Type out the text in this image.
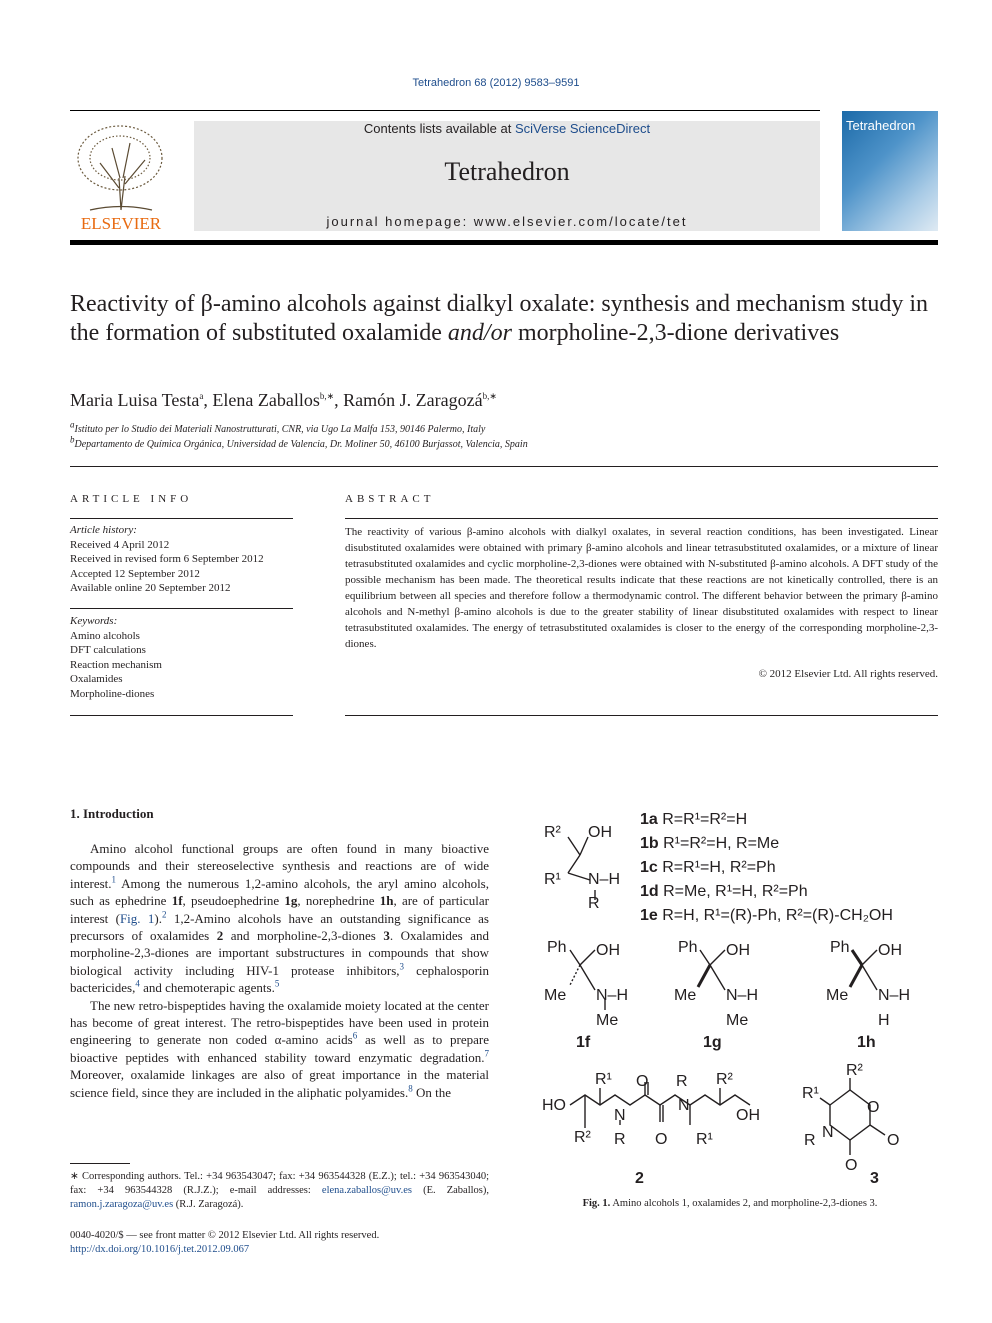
Tetrahedron 68 (2012) 9583–9591
ELSEVIER
Contents lists available at SciVerse ScienceDirect
Tetrahedron
journal homepage: www.elsevier.com/locate/tet
Tetrahedron
Reactivity of β-amino alcohols against dialkyl oxalate: synthesis and mechanism study in the formation of substituted oxalamide and/or morpholine-2,3-dione derivatives
Maria Luisa Testa$^a$, Elena Zaballos$^{b,∗}$, Ramón J. Zaragozá$^{b,∗}$
$^a$Istituto per lo Studio dei Materiali Nanostrutturati, CNR, via Ugo La Malfa 153, 90146 Palermo, Italy
$^b$Departamento de Química Orgánica, Universidad de Valencia, Dr. Moliner 50, 46100 Burjassot, Valencia, Spain
ARTICLE INFO
Article history:
Received 4 April 2012
Received in revised form 6 September 2012
Accepted 12 September 2012
Available online 20 September 2012
Keywords:
Amino alcohols
DFT calculations
Reaction mechanism
Oxalamides
Morpholine-diones
ABSTRACT
The reactivity of various β-amino alcohols with dialkyl oxalates, in several reaction conditions, has been investigated. Linear disubstituted oxalamides were obtained with primary β-amino alcohols and linear tetrasubstituted oxalamides, or a mixture of linear tetrasubstituted oxalamides and cyclic morpholine-2,3-diones were obtained with N-substituted β-amino alcohols. A DFT study of the possible mechanism has been made. The theoretical results indicate that these reactions are not kinetically controlled, there is an equilibrium between all species and therefore follow a thermodynamic control. The different behavior between the primary β-amino alcohols and N-methyl β-amino alcohols is due to the greater stability of linear disubstituted oxalamides with respect to linear tetrasubstituted oxalamides. The energy of tetrasubstituted oxalamides is closer to the energy of the corresponding morpholine-2,3-diones.
© 2012 Elsevier Ltd. All rights reserved.
1. Introduction

Amino alcohol functional groups are often found in many bioactive compounds and their stereoselective synthesis and reactions are of wide interest.$^1$ Among the numerous 1,2-amino alcohols, the aryl amino alcohols, such as ephedrine 1f, pseudoephedrine 1g, norephedrine 1h, are of particular interest (Fig. 1).$^2$ 1,2-Amino alcohols have an outstanding significance as precursors of oxalamides 2 and morpholine-2,3-diones 3. Oxalamides and morpholine-2,3-diones are important substructures in compounds that show biological activity including HIV-1 protease inhibitors,$^3$ cephalosporin bactericides,$^4$ and chemoterapic agents.$^5$

The new retro-bispeptides having the oxalamide moiety located at the center has become of great interest. The retro-bispeptides have been used in protein engineering to generate non coded α-amino acids$^6$ as well as to prepare bioactive peptides with enhanced stability toward enzymatic degradation.$^7$ Moreover, oxalamide linkages are also of great importance in the material science field, since they are included in the aliphatic polyamides.$^8$ On the

∗ Corresponding authors. Tel.: +34 963543047; fax: +34 963544328 (E.Z.); tel.: +34 963543040; fax: +34 963544328 (R.J.Z.); e-mail addresses: elena.zaballos@uv.es (E. Zaballos), ramon.j.zaragoza@uv.es (R.J. Zaragozá).
0040-4020/$ — see front matter © 2012 Elsevier Ltd. All rights reserved.
http://dx.doi.org/10.1016/j.tet.2012.09.067
R² OH
R¹ N–H
R
1a R=R¹=R²=H
1b R¹=R²=H, R=Me
1c R=R¹=H, R²=Ph
1d R=Me, R¹=H, R²=Ph
1e R=H, R¹=(R)-Ph, R²=(R)-CH₂OH
Ph OH
Me N–H
Me
1f
Ph OH
Me N–H
Me
1g
Ph OH
Me N–H
H
1h
HO
R¹ O R R²
R²
N
R O
N
R¹
OH
2
R²
R¹
O
R N	O
O
3
Fig. 1. Amino alcohols 1, oxalamides 2, and morpholine-2,3-diones 3.
